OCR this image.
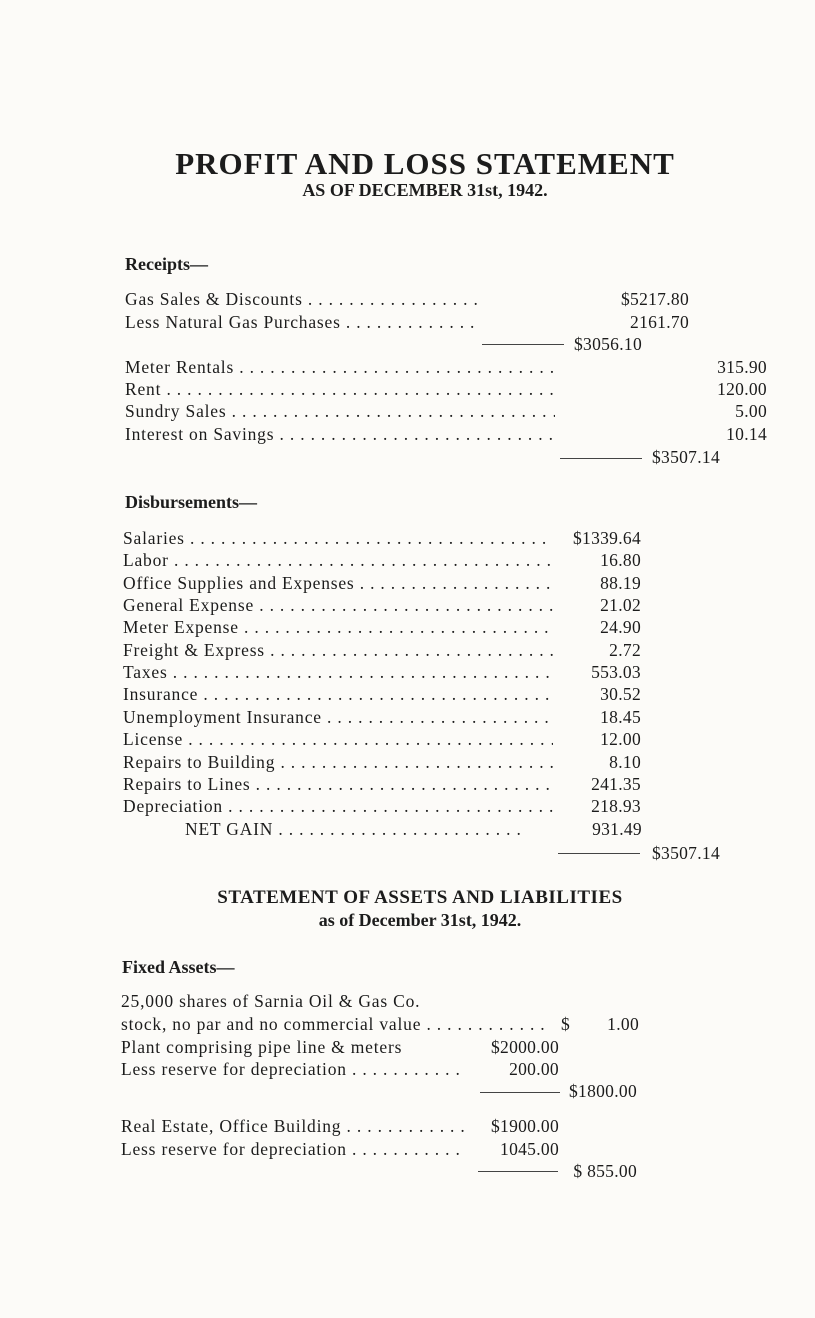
PROFIT AND LOSS STATEMENT
AS OF DECEMBER 31st, 1942.
Receipts—
Gas Sales & Discounts . . .	$5217.80
Less Natural Gas Purchases . . .	2161.70
$3056.10
Meter Rentals . . .	315.90
Rent . . .	120.00
Sundry Sales . . .	5.00
Interest on Savings . . .	10.14
$3507.14
Disbursements—
Salaries . . .	$1339.64
Labor . . .	16.80
Office Supplies and Expenses . . .	88.19
General Expense . . .	21.02
Meter Expense . . .	24.90
Freight & Express . . .	2.72
Taxes . . .	553.03
Insurance . . .	30.52
Unemployment Insurance . . .	18.45
License . . .	12.00
Repairs to Building . . .	8.10
Repairs to Lines . . .	241.35
Depreciation . . .	218.93
NET GAIN . . .	931.49
$3507.14
STATEMENT OF ASSETS AND LIABILITIES
as of December 31st, 1942.
Fixed Assets—
25,000 shares of Sarnia Oil & Gas Co.
stock, no par and no commercial value . . .	$	1.00
Plant comprising pipe line & meters	$2000.00
Less reserve for depreciation . . .	200.00
$1800.00
Real Estate, Office Building . . .	$1900.00
Less reserve for depreciation . . .	1045.00
$ 855.00
